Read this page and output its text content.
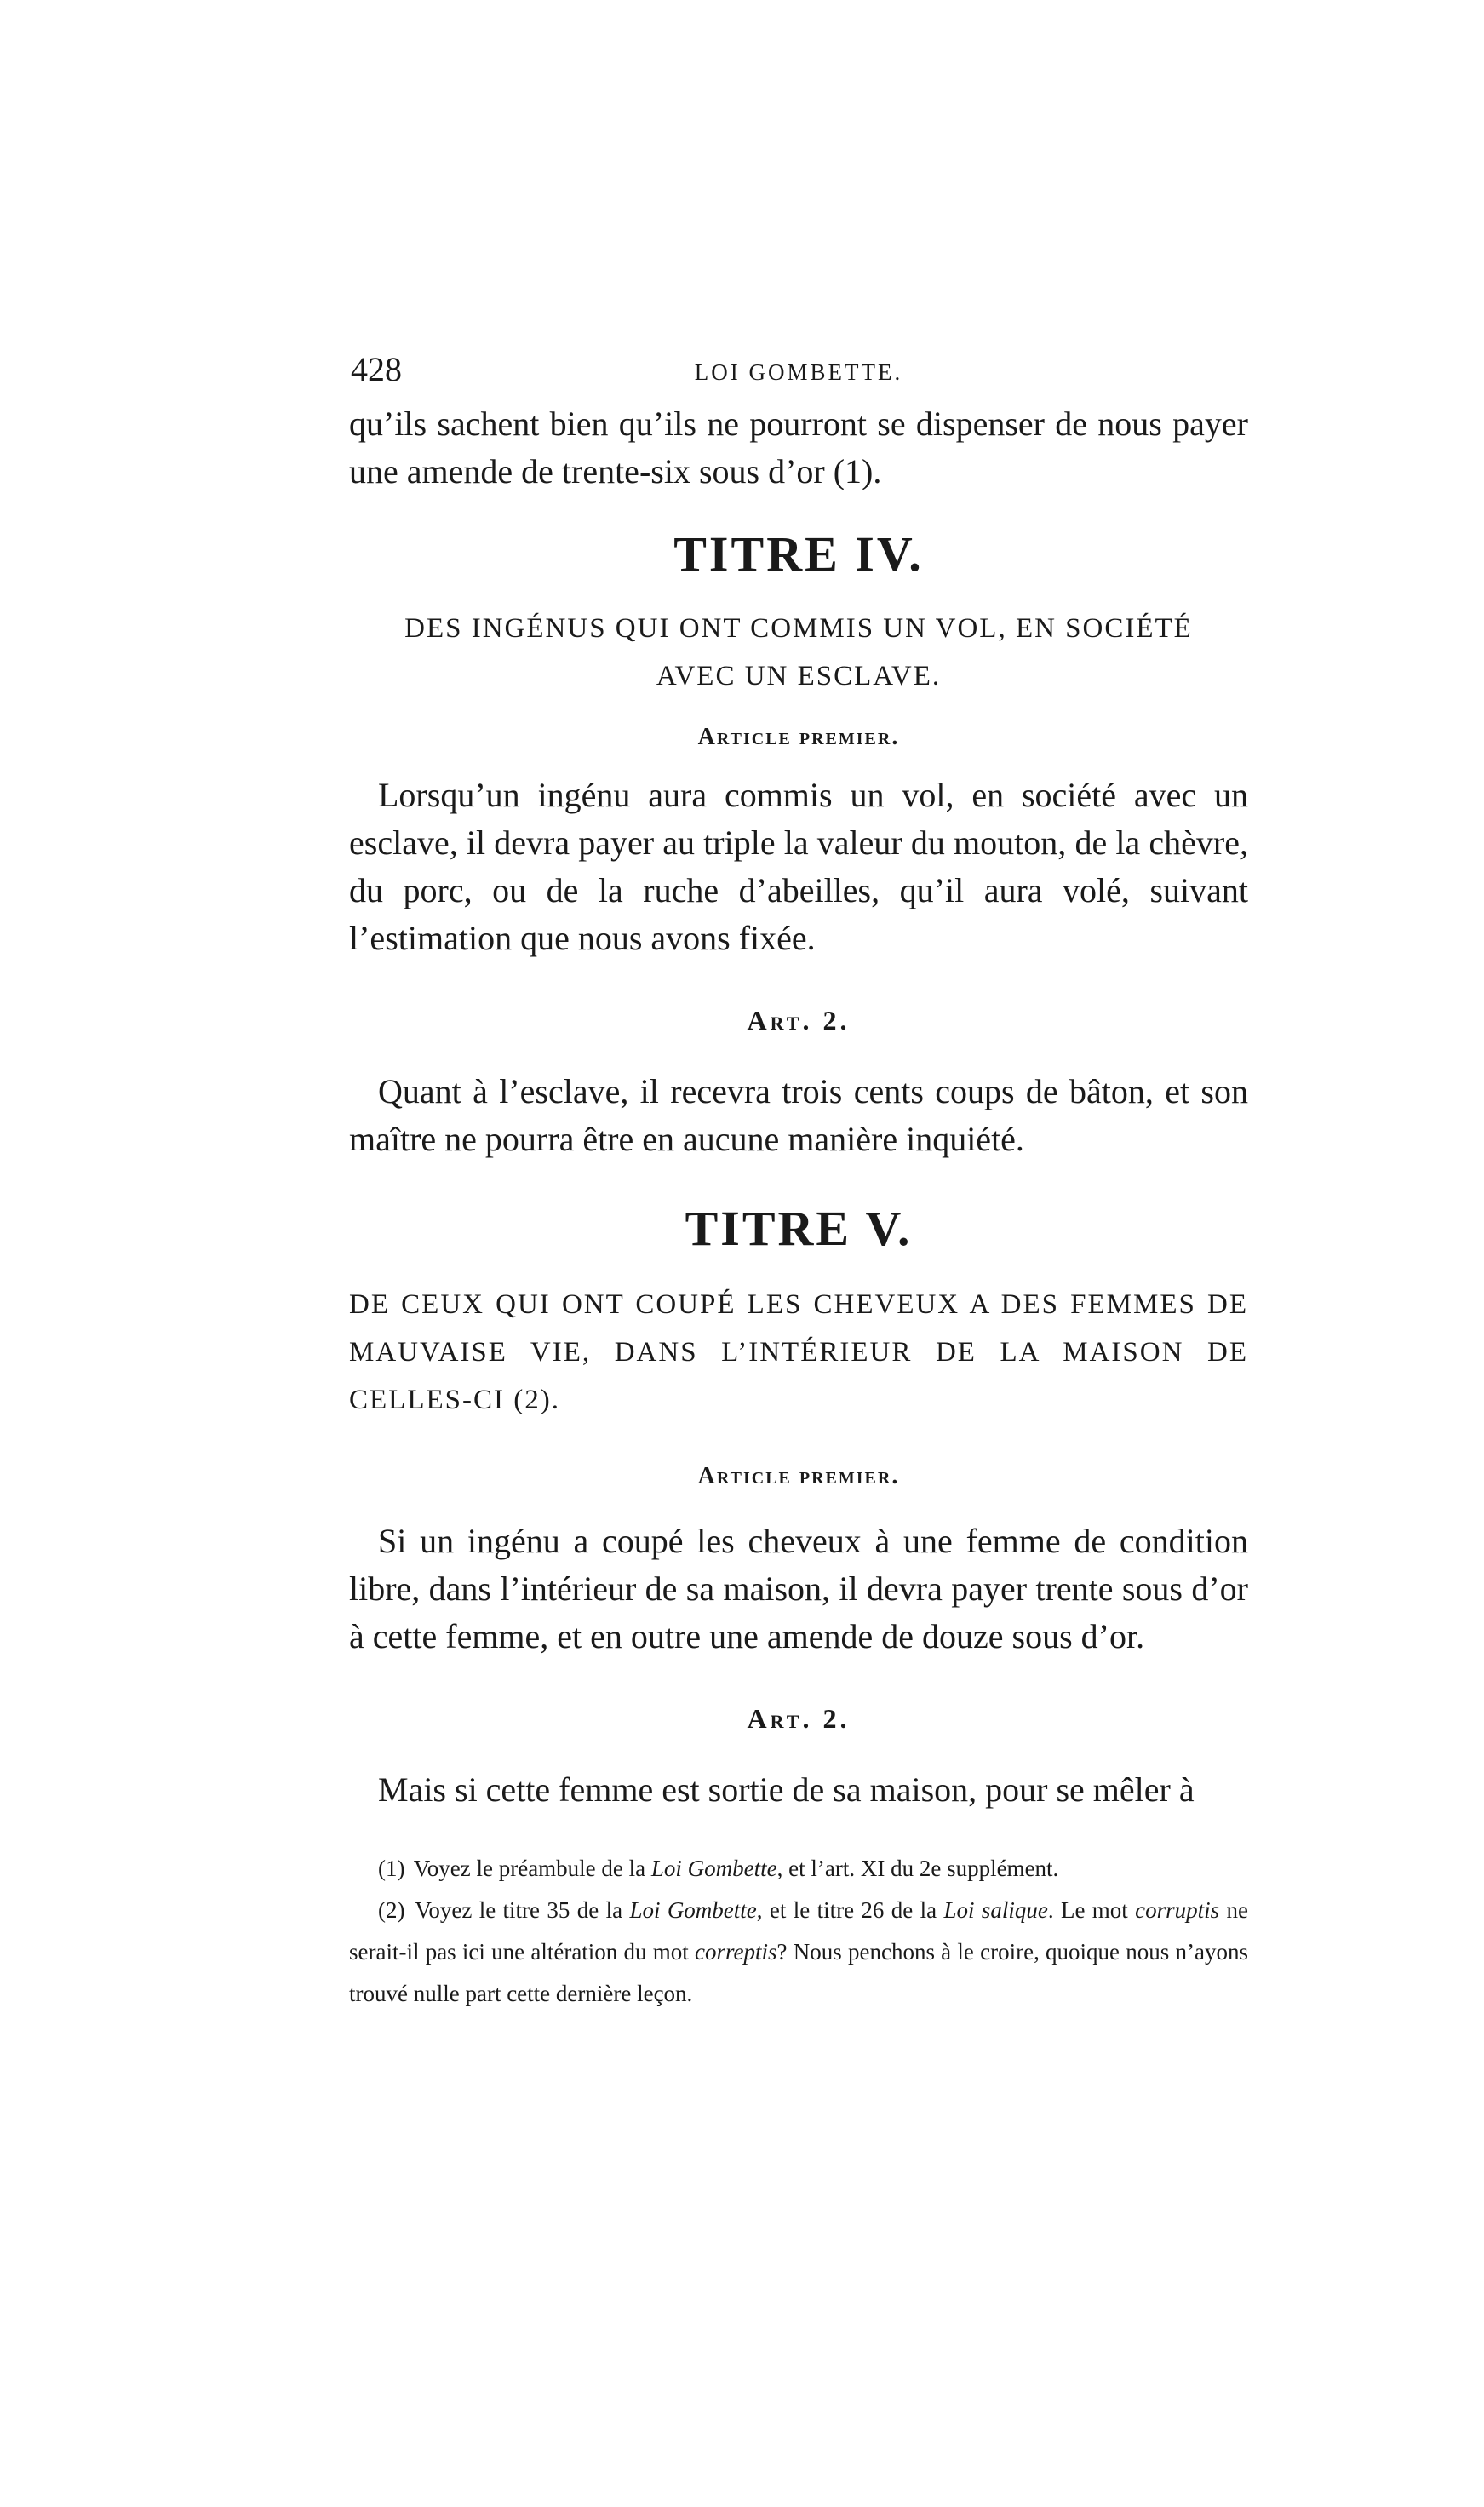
428	LOI GOMBETTE.

qu’ils sachent bien qu’ils ne pourront se dispenser de nous payer une amende de trente-six sous d’or (1).

TITRE IV.

DES INGÉNUS QUI ONT COMMIS UN VOL, EN SOCIÉTÉ

AVEC UN ESCLAVE.

Article premier.

Lorsqu’un ingénu aura commis un vol, en société avec un esclave, il devra payer au triple la valeur du mouton, de la chèvre, du porc, ou de la ruche d’abeilles, qu’il aura volé, suivant l’estimation que nous avons fixée.

Art. 2.

Quant à l’esclave, il recevra trois cents coups de bâton, et son maître ne pourra être en aucune manière inquiété.

TITRE V.

DE CEUX QUI ONT COUPÉ LES CHEVEUX A DES FEMMES DE MAUVAISE VIE, DANS L’INTÉRIEUR DE LA MAISON DE CELLES-CI (2).

Article premier.

Si un ingénu a coupé les cheveux à une femme de condition libre, dans l’intérieur de sa maison, il devra payer trente sous d’or à cette femme, et en outre une amende de douze sous d’or.

Art. 2.

Mais si cette femme est sortie de sa maison, pour se mêler à

(1) Voyez le préambule de la Loi Gombette, et l’art. XI du 2e supplément.

(2) Voyez le titre 35 de la Loi Gombette, et le titre 26 de la Loi salique. Le mot corruptis ne serait-il pas ici une altération du mot correptis? Nous penchons à le croire, quoique nous n’ayons trouvé nulle part cette dernière leçon.
